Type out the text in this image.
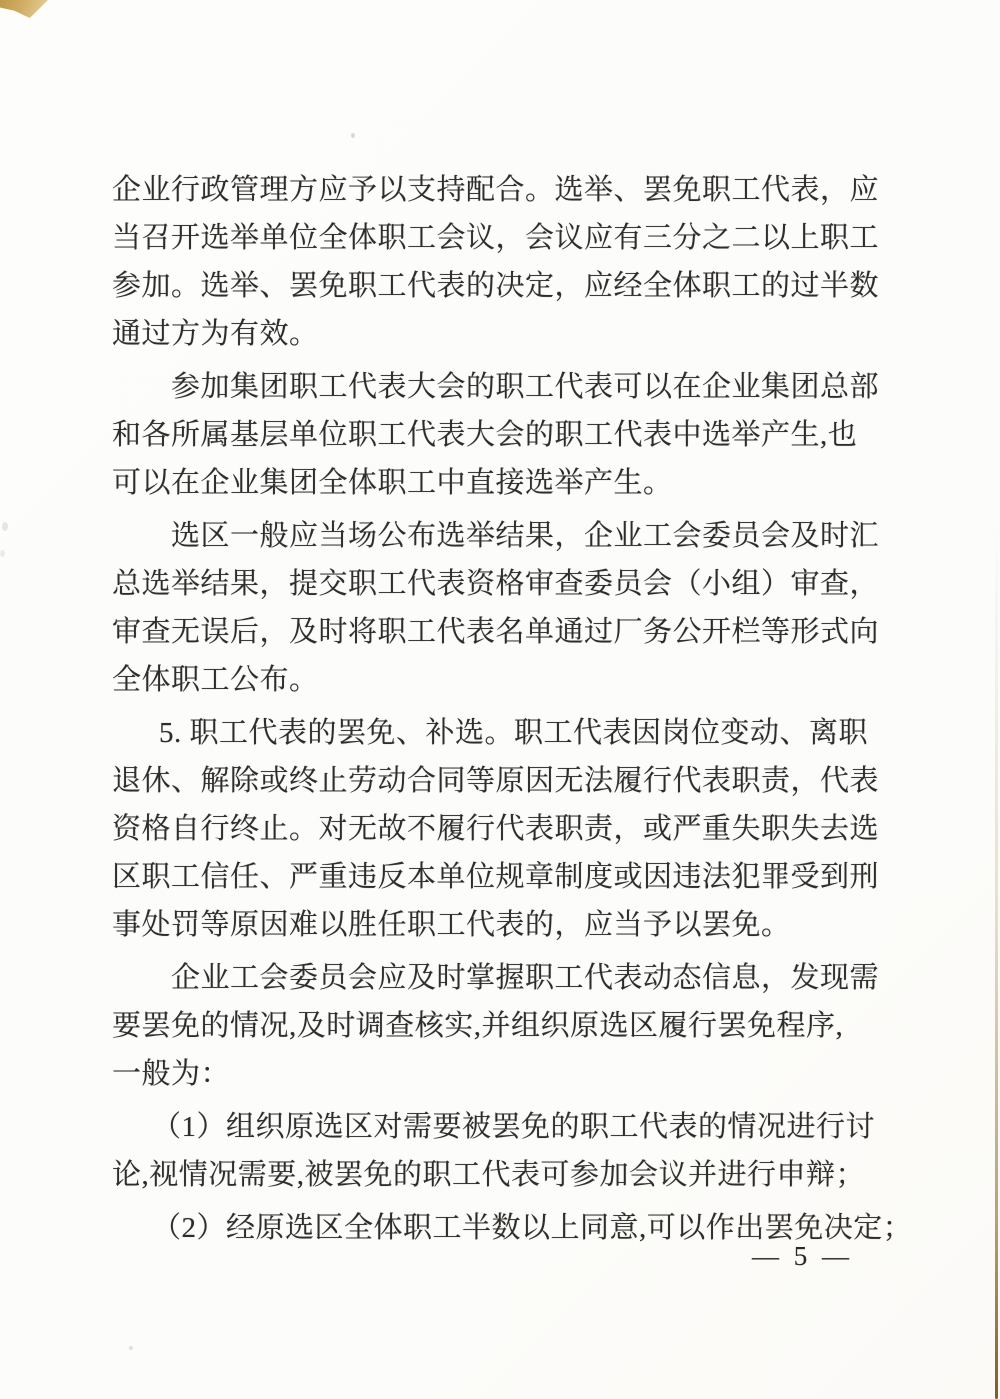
企业行政管理方应予以支持配合。选举、罢免职工代表，应
当召开选举单位全体职工会议，会议应有三分之二以上职工
参加。选举、罢免职工代表的决定，应经全体职工的过半数
通过方为有效。

参加集团职工代表大会的职工代表可以在企业集团总部
和各所属基层单位职工代表大会的职工代表中选举产生,也
可以在企业集团全体职工中直接选举产生。

选区一般应当场公布选举结果，企业工会委员会及时汇
总选举结果，提交职工代表资格审查委员会（小组）审查，
审查无误后，及时将职工代表名单通过厂务公开栏等形式向
全体职工公布。

5. 职工代表的罢免、补选。职工代表因岗位变动、离职
退休、解除或终止劳动合同等原因无法履行代表职责，代表
资格自行终止。对无故不履行代表职责，或严重失职失去选
区职工信任、严重违反本单位规章制度或因违法犯罪受到刑
事处罚等原因难以胜任职工代表的，应当予以罢免。

企业工会委员会应及时掌握职工代表动态信息，发现需
要罢免的情况,及时调查核实,并组织原选区履行罢免程序,
一般为：

（1）组织原选区对需要被罢免的职工代表的情况进行讨
论,视情况需要,被罢免的职工代表可参加会议并进行申辩；

（2）经原选区全体职工半数以上同意,可以作出罢免决定；

— 5 —
